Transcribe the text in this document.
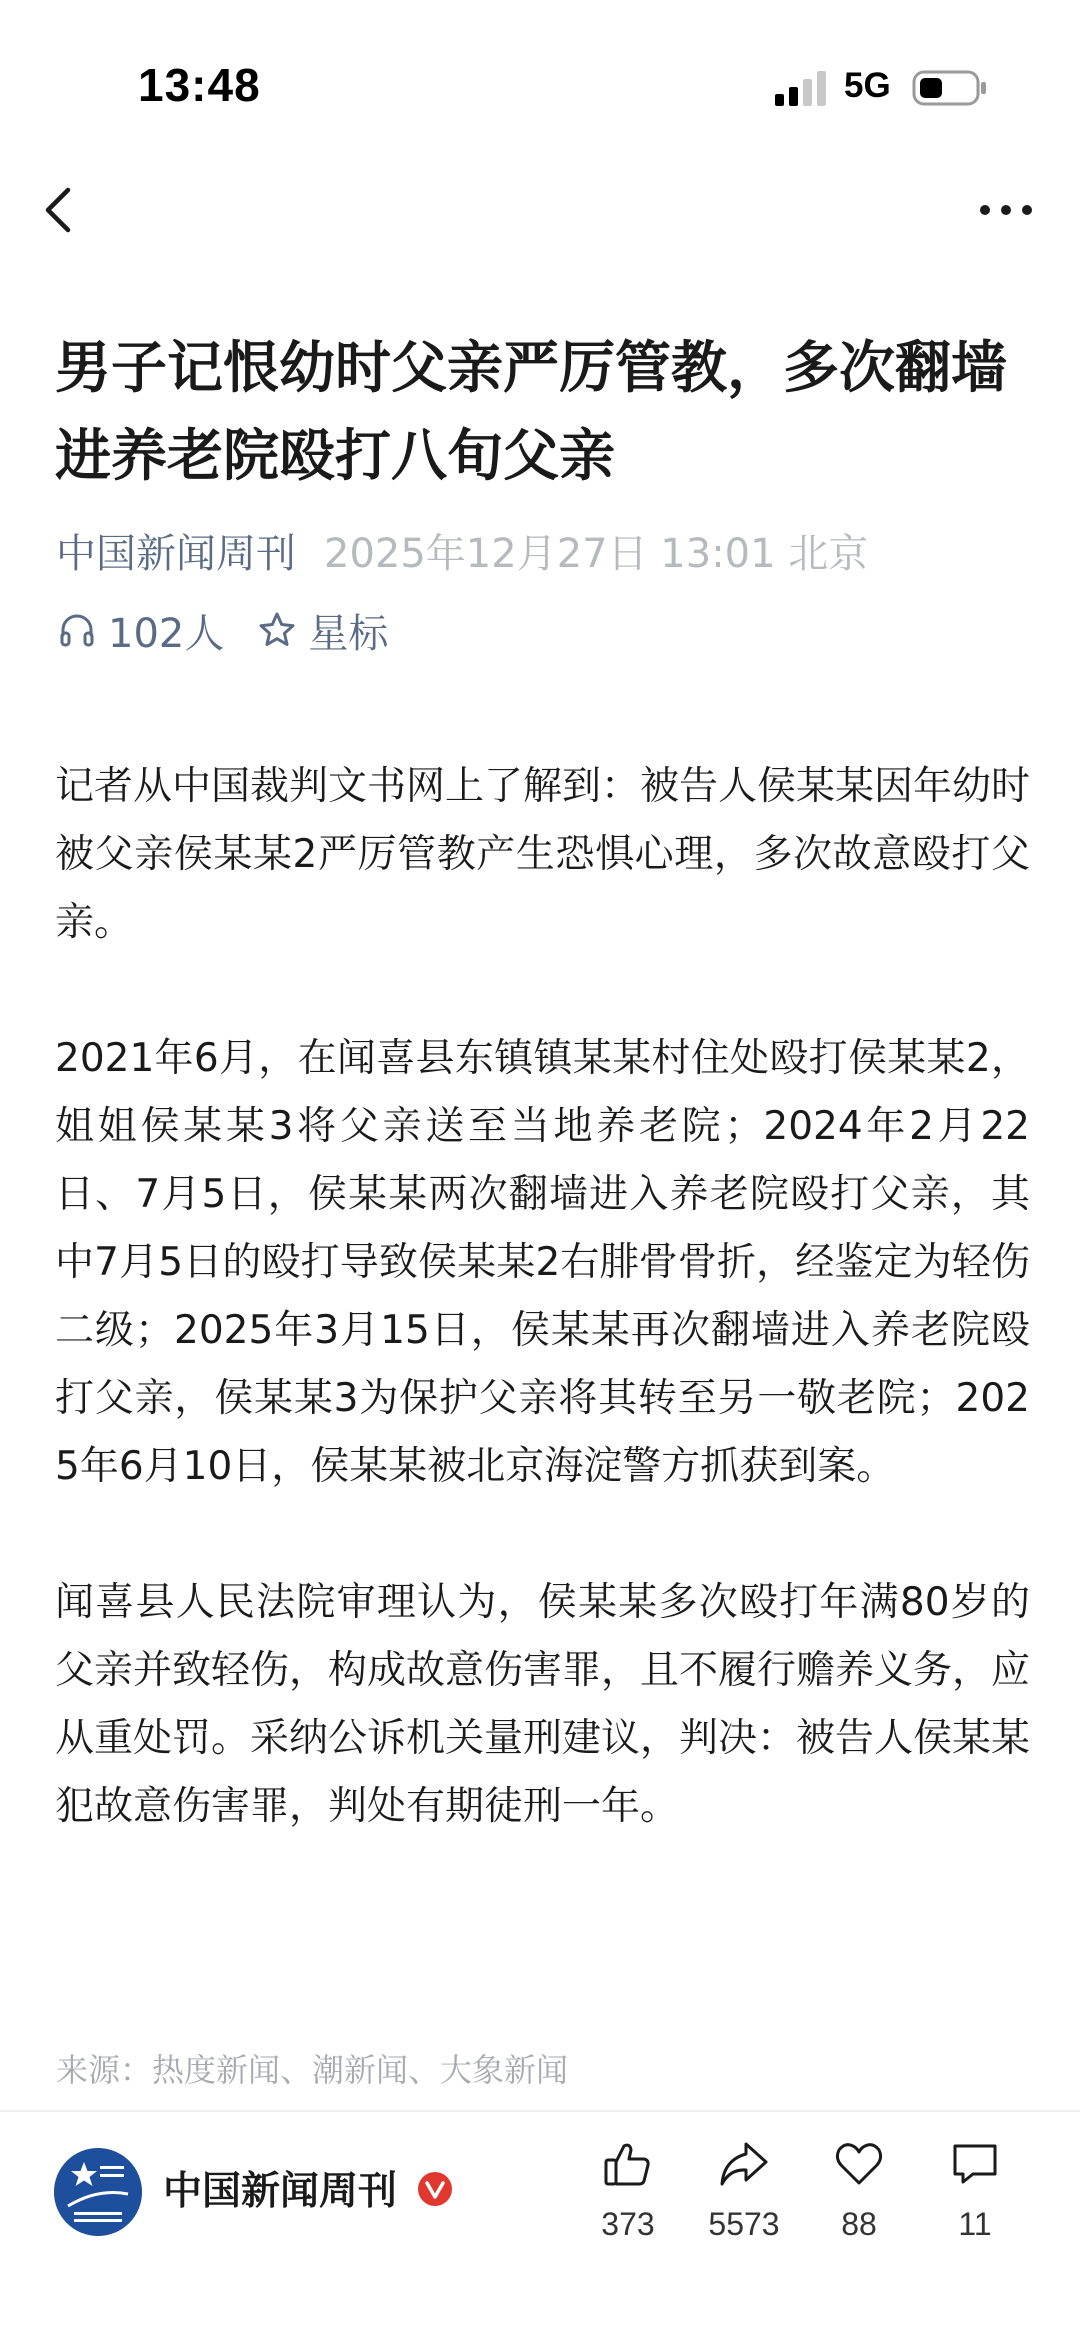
13:48	5G
男子记恨幼时父亲严厉管教，多次翻墙进养老院殴打八旬父亲
中国新闻周刊 2025年12月27日 13:01 北京
102人 星标

记者从中国裁判文书网上了解到：被告人侯某某因年幼时被父亲侯某某2严厉管教产生恐惧心理，多次故意殴打父亲。

2021年6月，在闻喜县东镇镇某某村住处殴打侯某某2，姐姐侯某某3将父亲送至当地养老院；2024年2月22日、7月5日，侯某某两次翻墙进入养老院殴打父亲，其中7月5日的殴打导致侯某某2右腓骨骨折，经鉴定为轻伤二级；2025年3月15日，侯某某再次翻墙进入养老院殴打父亲，侯某某3为保护父亲将其转至另一敬老院；2025年6月10日，侯某某被北京海淀警方抓获到案。

闻喜县人民法院审理认为，侯某某多次殴打年满80岁的父亲并致轻伤，构成故意伤害罪，且不履行赡养义务，应从重处罚。采纳公诉机关量刑建议，判决：被告人侯某某犯故意伤害罪，判处有期徒刑一年。

来源：热度新闻、潮新闻、大象新闻
中国新闻周刊
373	5573	88	11
